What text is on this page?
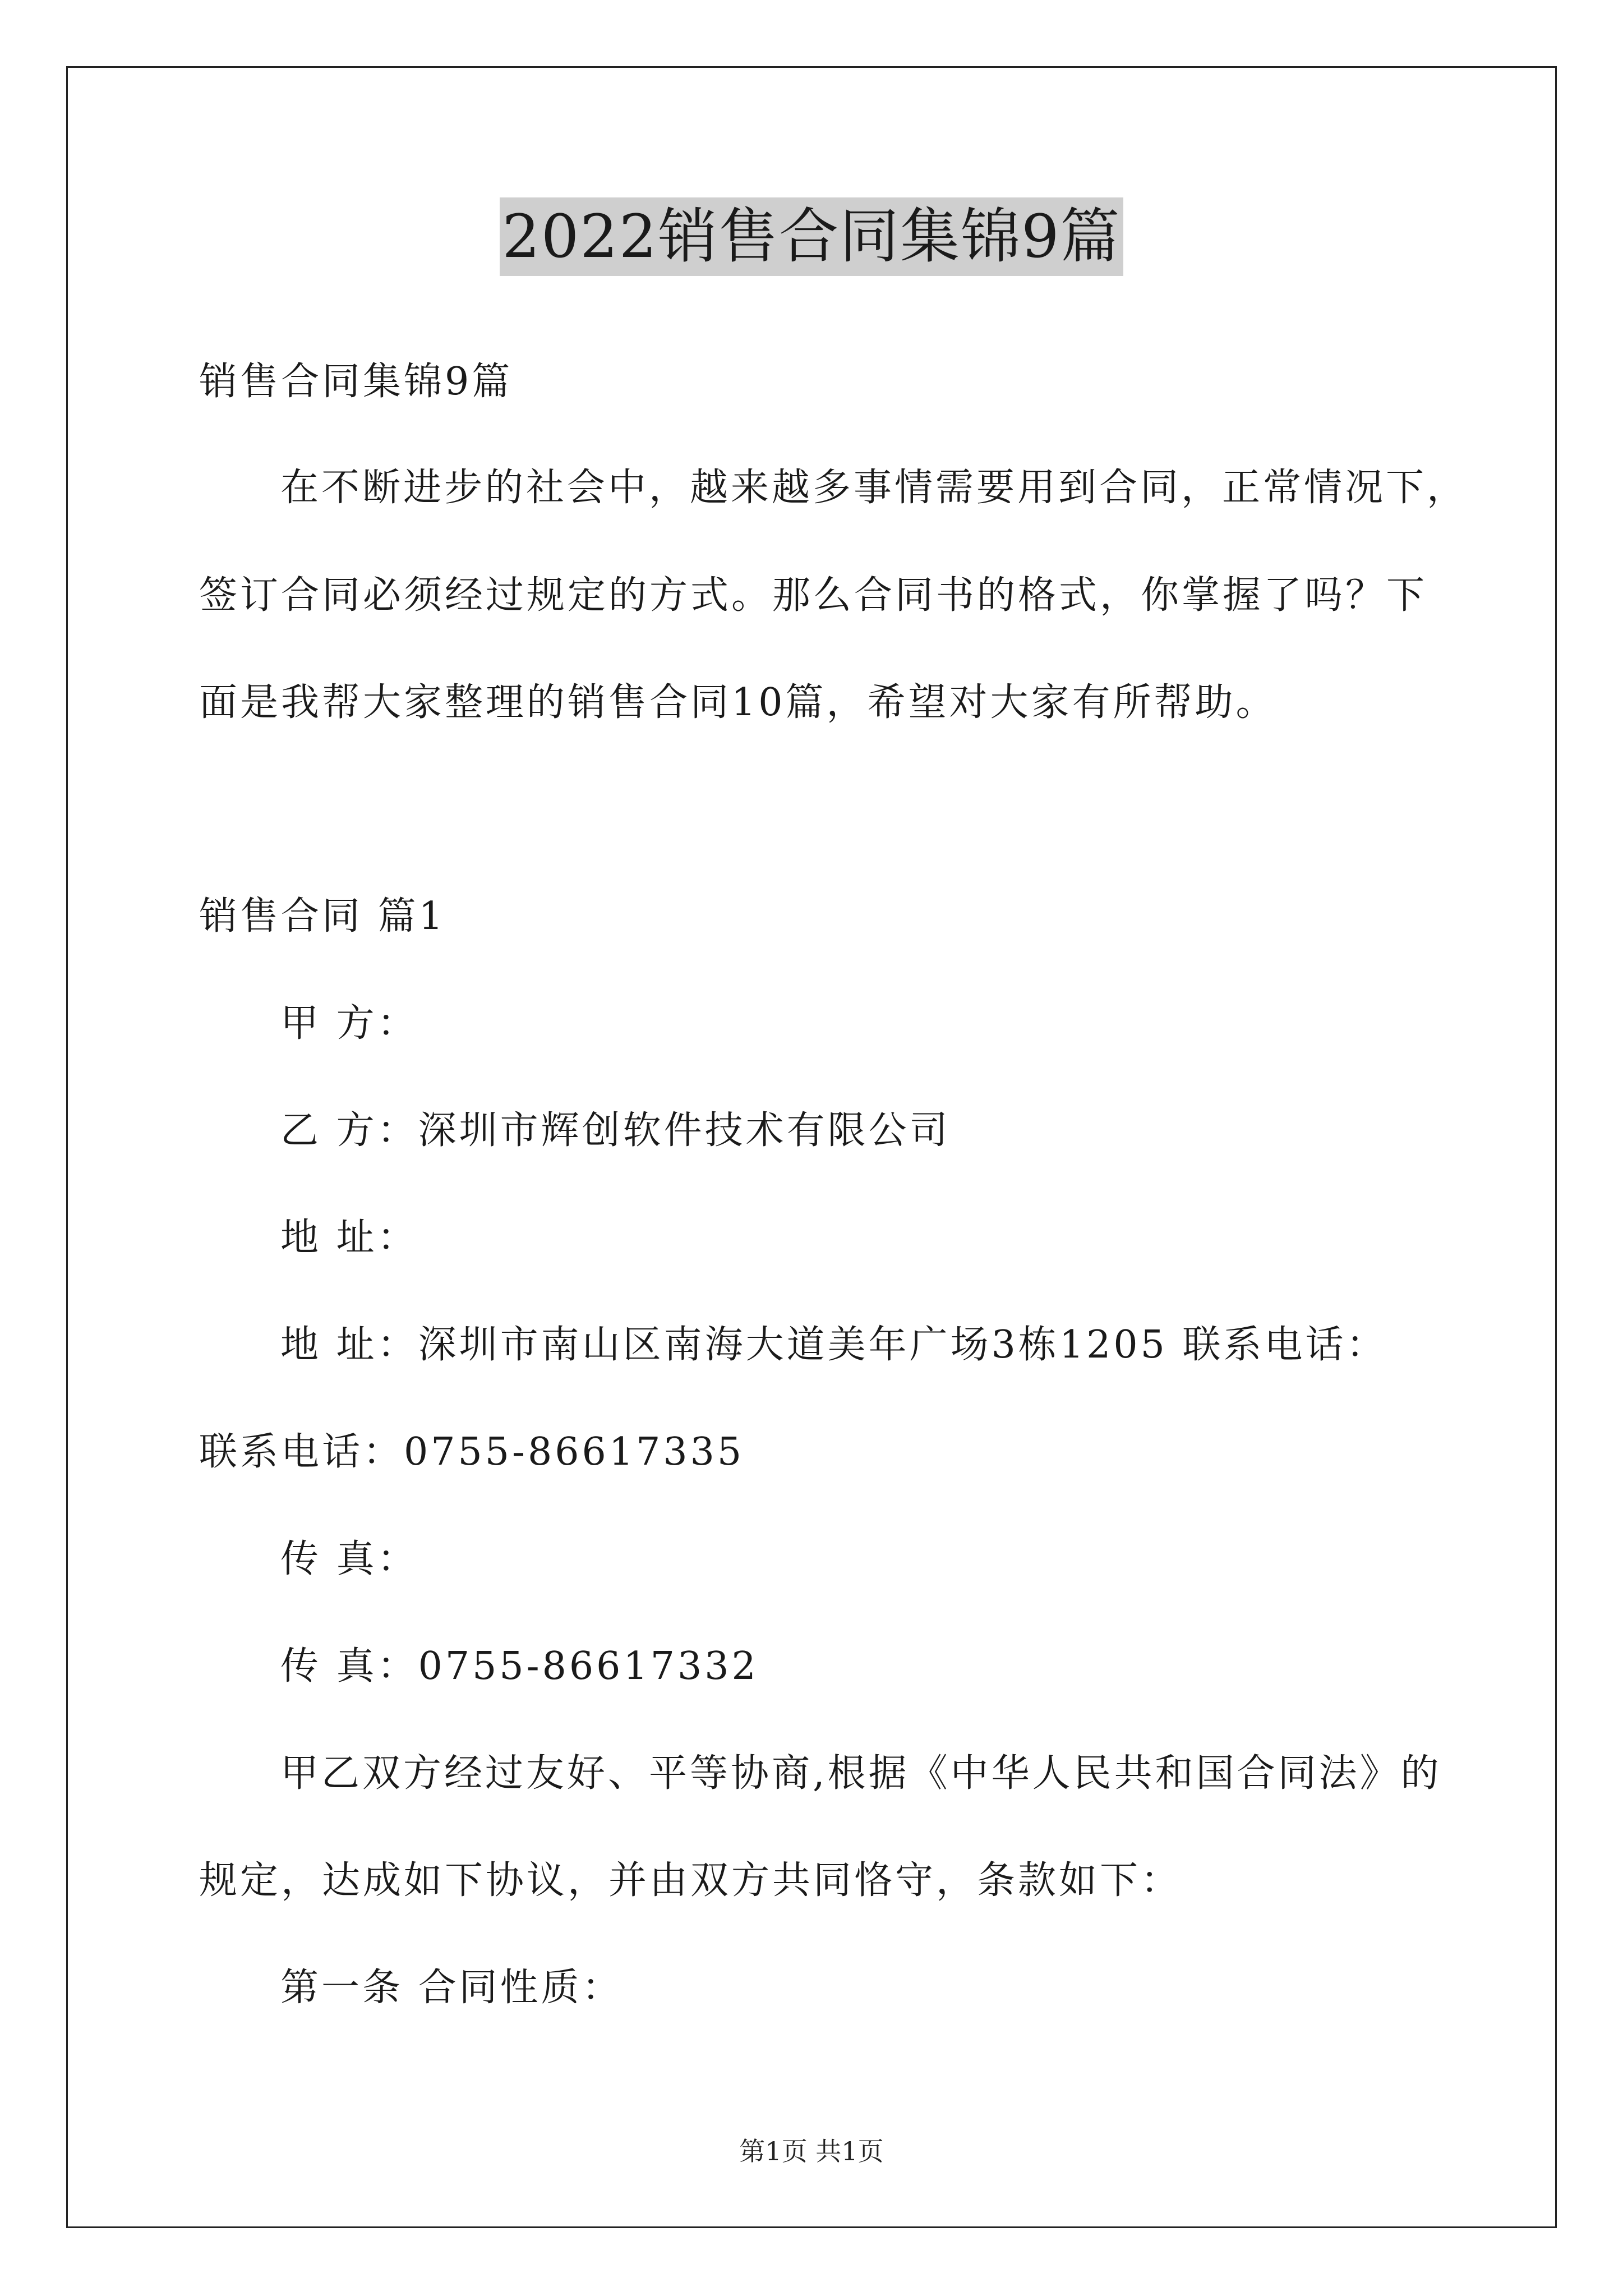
2022销售合同集锦9篇
销售合同集锦9篇
在不断进步的社会中，越来越多事情需要用到合同，正常情况下，
签订合同必须经过规定的方式。那么合同书的格式，你掌握了吗？下
面是我帮大家整理的销售合同10篇，希望对大家有所帮助。
销售合同 篇1
甲 方：
乙 方：深圳市辉创软件技术有限公司
地 址：
地 址：深圳市南山区南海大道美年广场3栋1205 联系电话：
联系电话：0755-86617335
传 真：
传 真：0755-86617332
甲乙双方经过友好、平等协商,根据《中华人民共和国合同法》的
规定，达成如下协议，并由双方共同恪守，条款如下：
第一条 合同性质：
第1页 共1页
